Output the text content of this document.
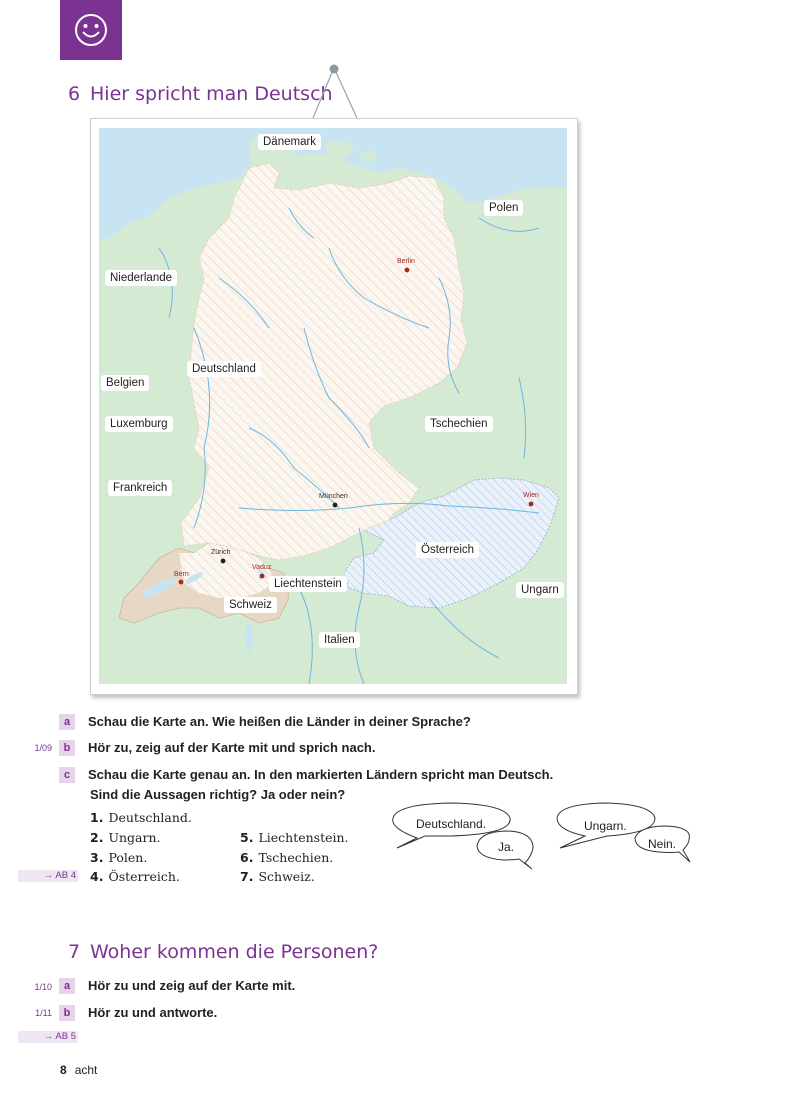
6 Hier spricht man Deutsch
Dänemark
Polen
Niederlande
Deutschland
Belgien
Luxemburg	Tschechien
Frankreich
Österreich
Liechtenstein	Ungarn
Schweiz
Italien
Berlin
München	Wien
Zürich
Bern
Vaduz
a Schau die Karte an. Wie heißen die Länder in deiner Sprache?
1/09	b Hör zu, zeig auf der Karte mit und sprich nach.
c Schau die Karte genau an. In den markierten Ländern spricht man Deutsch.
Sind die Aussagen richtig? Ja oder nein?
1. Deutschland.
2. Ungarn.
3. Polen.
4. Österreich.
5. Liechtenstein.
6. Tschechien.
7. Schweiz.
→ AB 4
Deutschland.
Ja.
Ungarn.
Nein.
7 Woher kommen die Personen?
1/10	a Hör zu und zeig auf der Karte mit.
1/11	b Hör zu und antworte.
→ AB 5
8 acht
